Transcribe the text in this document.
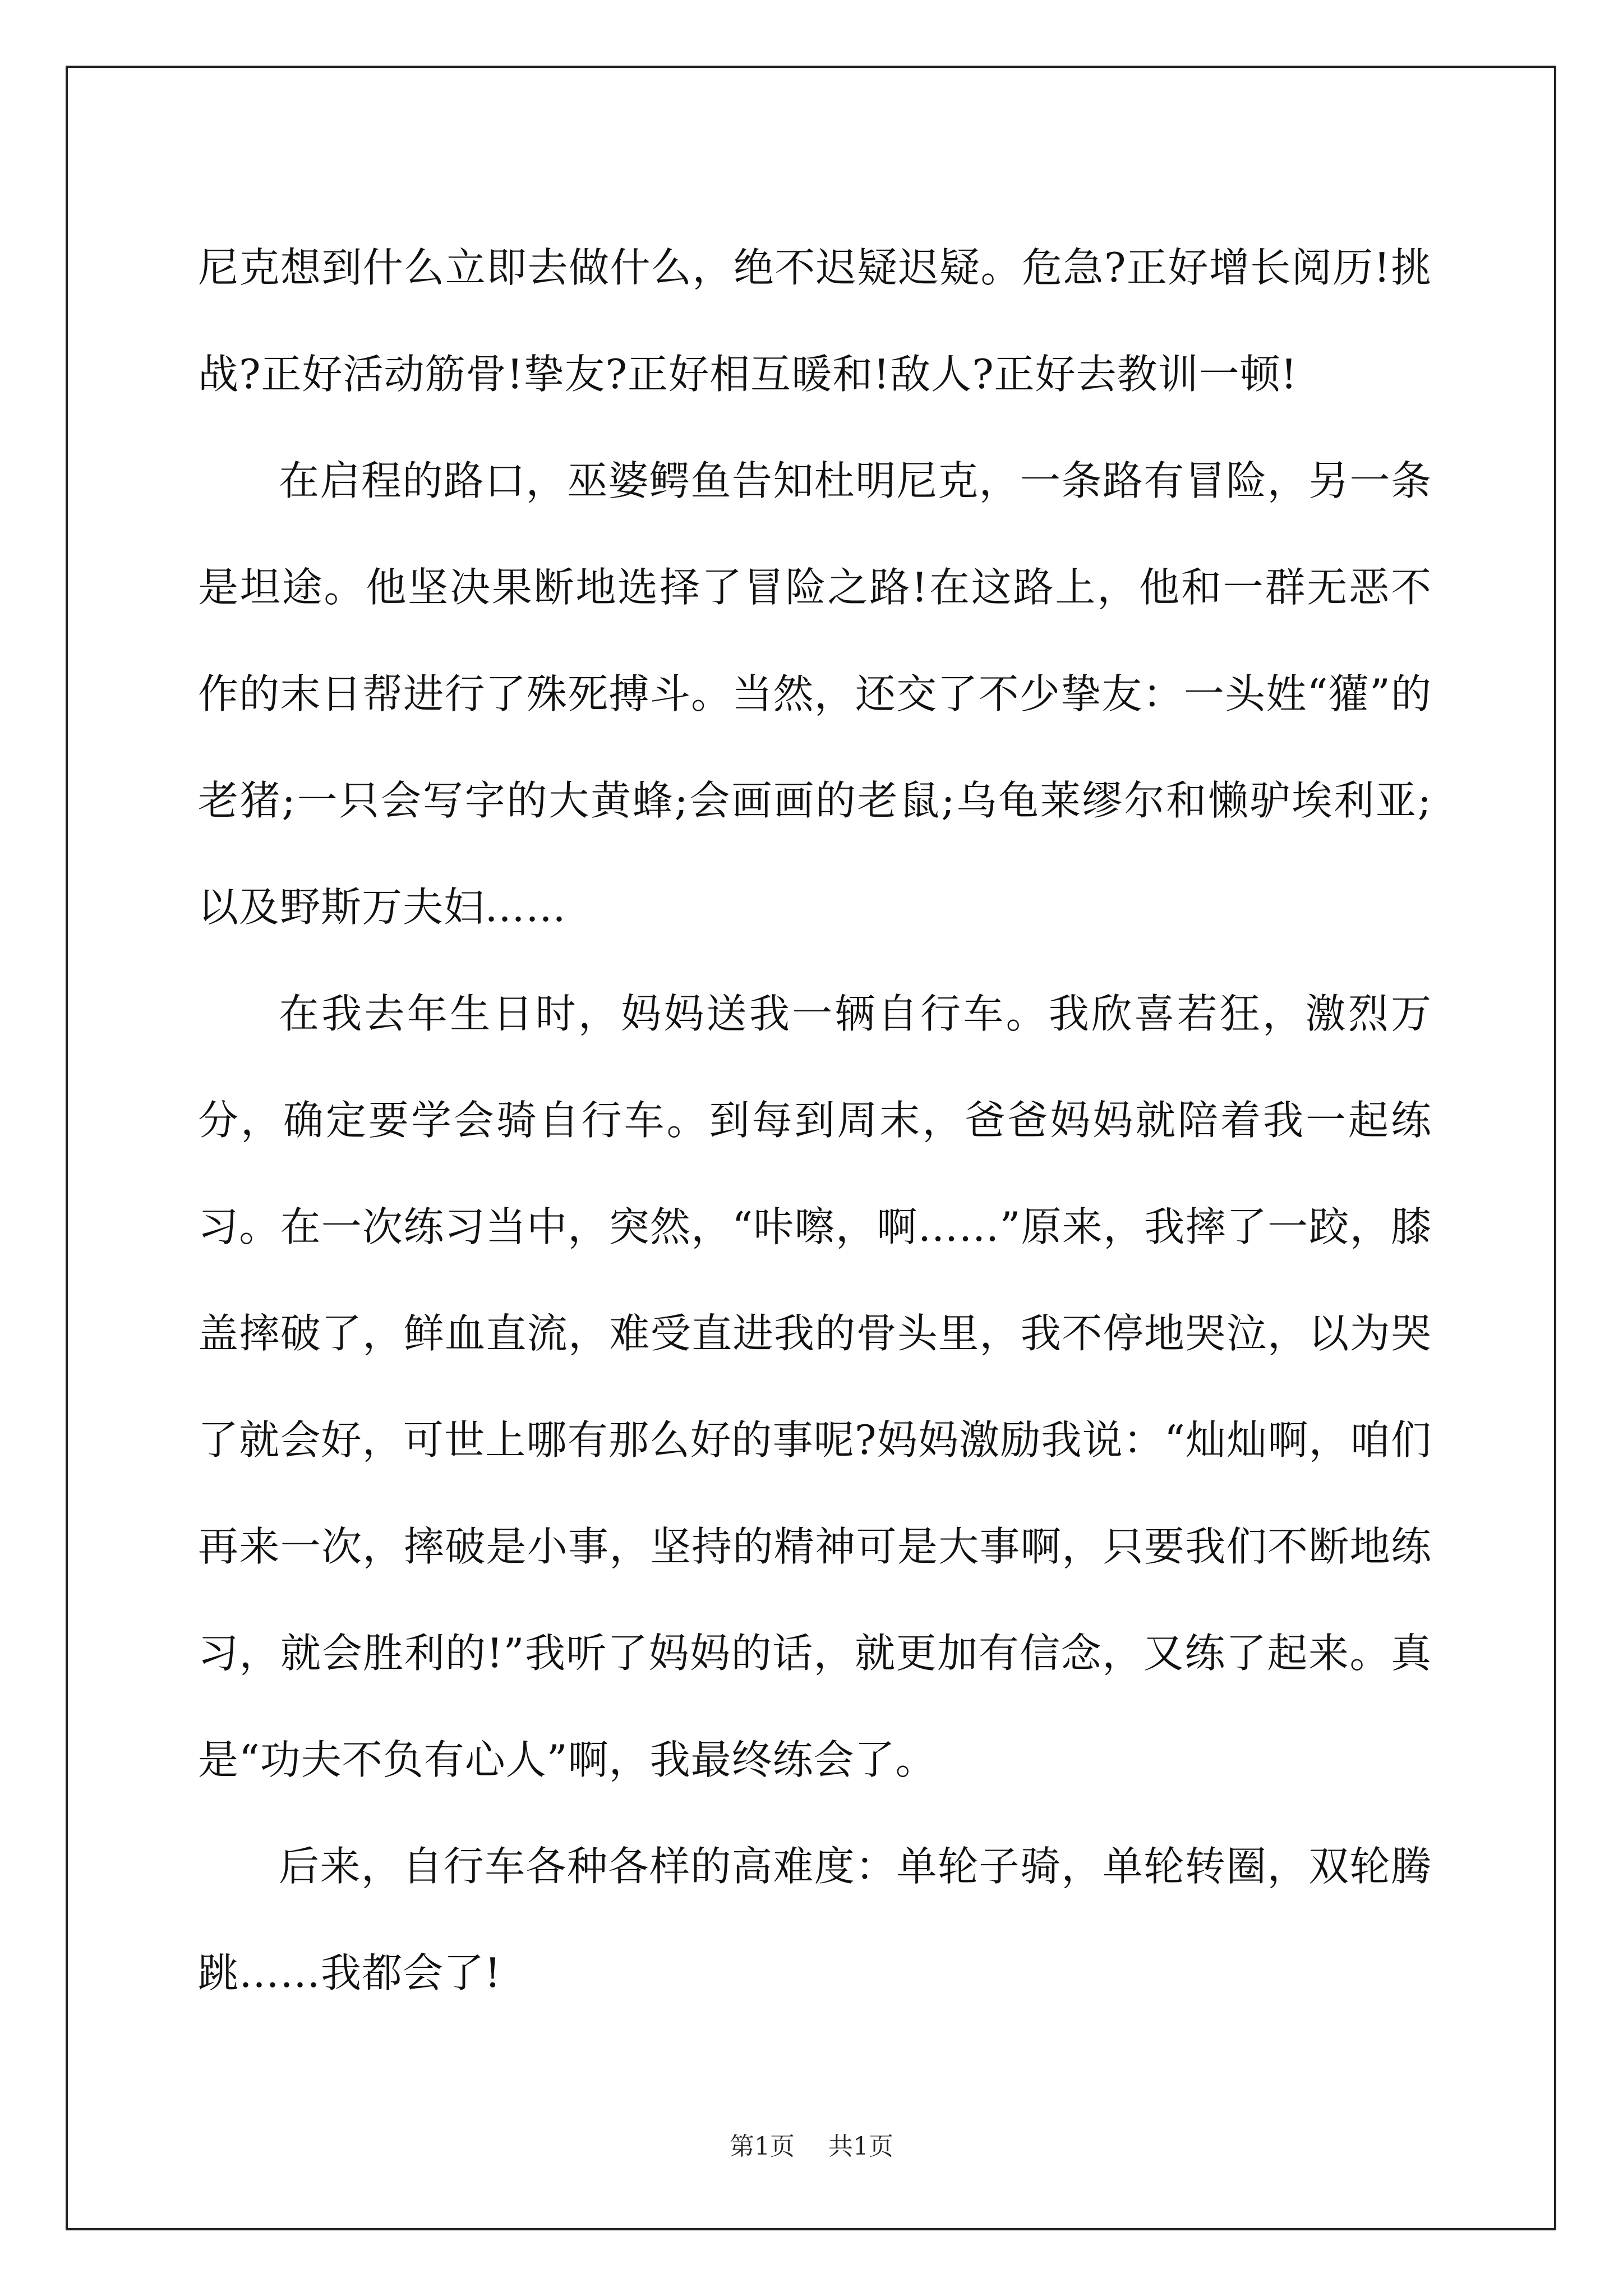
尼克想到什么立即去做什么，绝不迟疑迟疑。危急?正好增长阅历!挑战?正好活动筋骨!挚友?正好相互暖和!敌人?正好去教训一顿!

在启程的路口，巫婆鳄鱼告知杜明尼克，一条路有冒险，另一条是坦途。他坚决果断地选择了冒险之路!在这路上，他和一群无恶不作的末日帮进行了殊死搏斗。当然，还交了不少挚友：一头姓“獾”的老猪;一只会写字的大黄蜂;会画画的老鼠;乌龟莱缪尔和懒驴埃利亚;以及野斯万夫妇……

在我去年生日时，妈妈送我一辆自行车。我欣喜若狂，激烈万分，确定要学会骑自行车。到每到周末，爸爸妈妈就陪着我一起练习。在一次练习当中，突然，“咔嚓，啊……”原来，我摔了一跤，膝盖摔破了，鲜血直流，难受直进我的骨头里，我不停地哭泣，以为哭了就会好，可世上哪有那么好的事呢?妈妈激励我说：“灿灿啊，咱们再来一次，摔破是小事，坚持的精神可是大事啊，只要我们不断地练习，就会胜利的!”我听了妈妈的话，就更加有信念，又练了起来。真是“功夫不负有心人”啊，我最终练会了。

后来，自行车各种各样的高难度：单轮子骑，单轮转圈，双轮腾跳……我都会了!

第1页 共1页
